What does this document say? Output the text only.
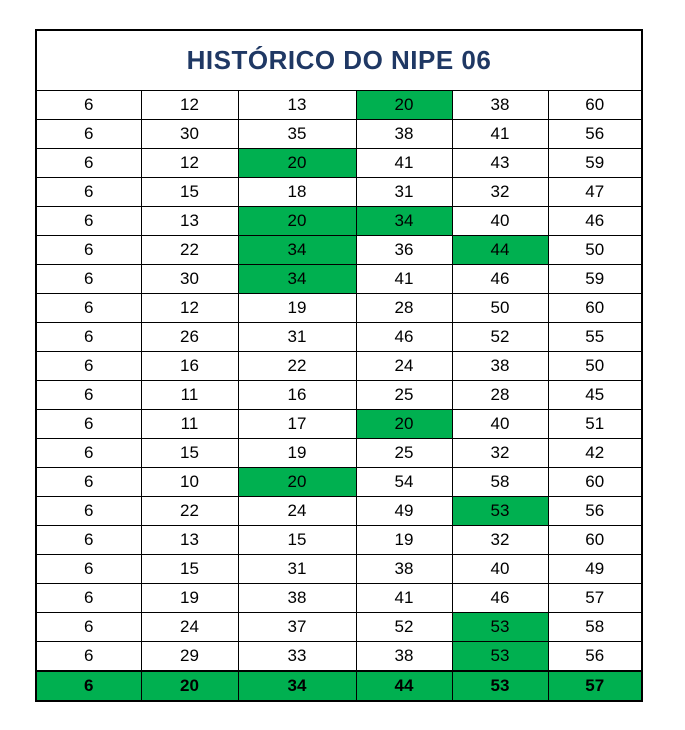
HISTÓRICO DO NIPE 06
6	12	13	20	38	60
6	30	35	38	41	56
6	12	20	41	43	59
6	15	18	31	32	47
6	13	20	34	40	46
6	22	34	36	44	50
6	30	34	41	46	59
6	12	19	28	50	60
6	26	31	46	52	55
6	16	22	24	38	50
6	11	16	25	28	45
6	11	17	20	40	51
6	15	19	25	32	42
6	10	20	54	58	60
6	22	24	49	53	56
6	13	15	19	32	60
6	15	31	38	40	49
6	19	38	41	46	57
6	24	37	52	53	58
6	29	33	38	53	56
6	20	34	44	53	57
